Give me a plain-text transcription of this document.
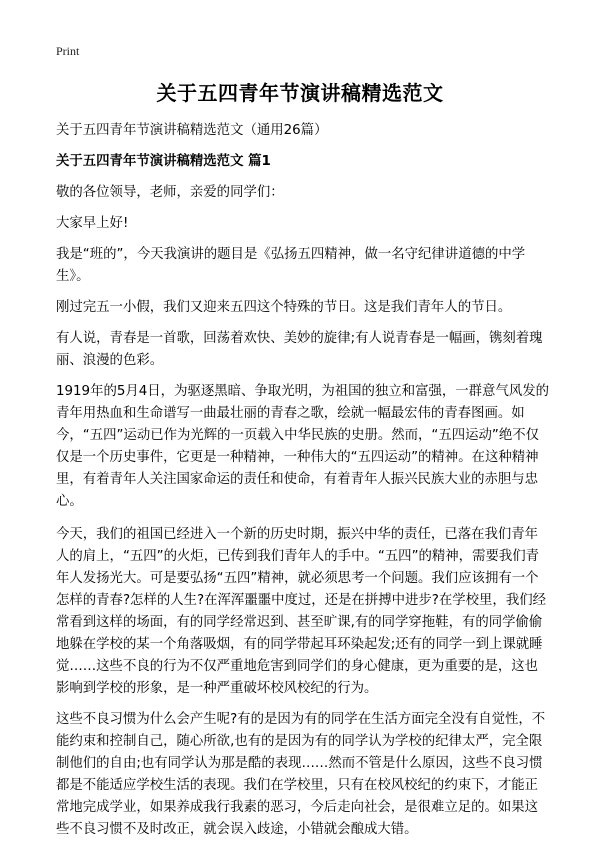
Print
关于五四青年节演讲稿精选范文

关于五四青年节演讲稿精选范文（通用26篇）

关于五四青年节演讲稿精选范文 篇1

敬的各位领导，老师，亲爱的同学们：

大家早上好!

我是“班的”，今天我演讲的题目是《弘扬五四精神，做一名守纪律讲道德的中学生》。

刚过完五一小假，我们又迎来五四这个特殊的节日。这是我们青年人的节日。

有人说，青春是一首歌，回荡着欢快、美妙的旋律;有人说青春是一幅画，镌刻着瑰丽、浪漫的色彩。

1919年的5月4日，为驱逐黑暗、争取光明，为祖国的独立和富强，一群意气风发的青年用热血和生命谱写一曲最壮丽的青春之歌，绘就一幅最宏伟的青春图画。如今，“五四”运动已作为光辉的一页载入中华民族的史册。然而，“五四运动”绝不仅仅是一个历史事件，它更是一种精神，一种伟大的“五四运动”的精神。在这种精神里，有着青年人关注国家命运的责任和使命，有着青年人振兴民族大业的赤胆与忠心。

今天，我们的祖国已经进入一个新的历史时期，振兴中华的责任，已落在我们青年人的肩上，“五四”的火炬，已传到我们青年人的手中。“五四”的精神，需要我们青年人发扬光大。可是要弘扬“五四”精神，就必须思考一个问题。我们应该拥有一个怎样的青春?怎样的人生?在浑浑噩噩中度过，还是在拼搏中进步?在学校里，我们经常看到这样的场面，有的同学经常迟到、甚至旷课,有的同学穿拖鞋，有的同学偷偷地躲在学校的某一个角落吸烟，有的同学带起耳环染起发;还有的同学一到上课就睡觉……这些不良的行为不仅严重地危害到同学们的身心健康，更为重要的是，这也影响到学校的形象，是一种严重破坏校风校纪的行为。

这些不良习惯为什么会产生呢?有的是因为有的同学在生活方面完全没有自觉性，不能约束和控制自己，随心所欲,也有的是因为有的同学认为学校的纪律太严，完全限制他们的自由;也有同学认为那是酷的表现……然而不管是什么原因，这些不良习惯都是不能适应学校生活的表现。我们在学校里，只有在校风校纪的约束下，才能正常地完成学业，如果养成我行我素的恶习，今后走向社会，是很难立足的。如果这些不良习惯不及时改正，就会误入歧途，小错就会酿成大错。
